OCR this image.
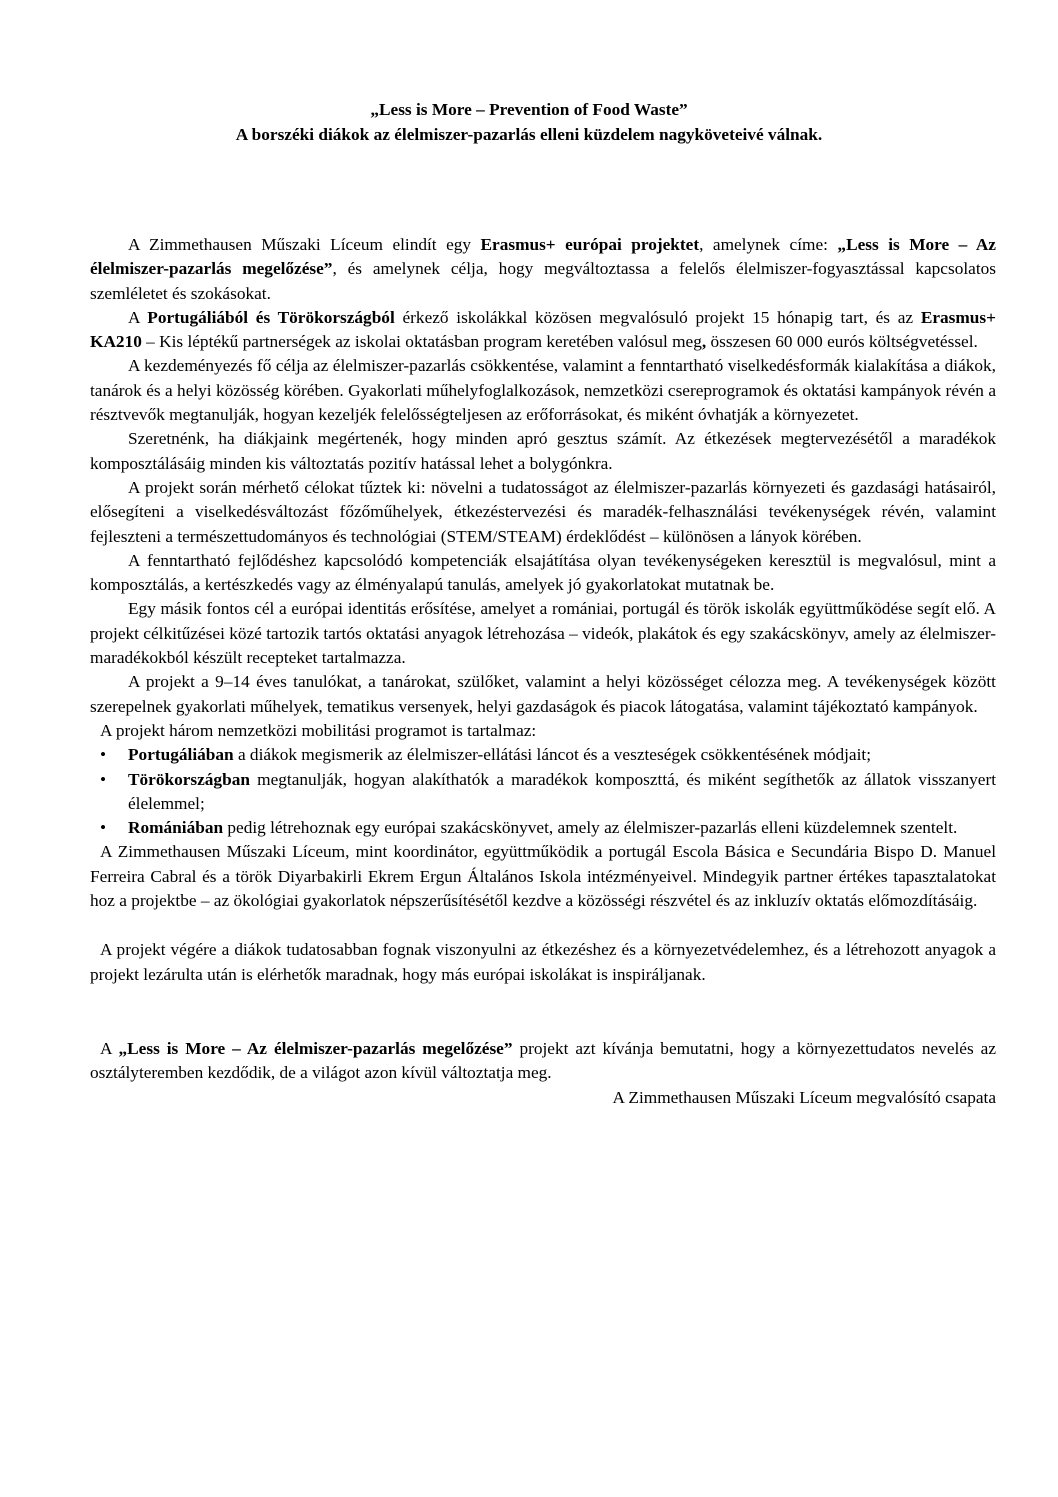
„Less is More – Prevention of Food Waste”
A borszéki diákok az élelmiszer-pazarlás elleni küzdelem nagyköveteivé válnak.

A Zimmethausen Műszaki Líceum elindít egy Erasmus+ európai projektet, amelynek címe: „Less is More – Az élelmiszer-pazarlás megelőzése”, és amelynek célja, hogy megváltoztassa a felelős élelmiszer-fogyasztással kapcsolatos szemléletet és szokásokat.

A Portugáliából és Törökországból érkező iskolákkal közösen megvalósuló projekt 15 hónapig tart, és az Erasmus+ KA210 – Kis léptékű partnerségek az iskolai oktatásban program keretében valósul meg, összesen 60 000 eurós költségvetéssel.

A kezdeményezés fő célja az élelmiszer-pazarlás csökkentése, valamint a fenntartható viselkedésformák kialakítása a diákok, tanárok és a helyi közösség körében. Gyakorlati műhelyfoglalkozások, nemzetközi csereprogramok és oktatási kampányok révén a résztvevők megtanulják, hogyan kezeljék felelősségteljesen az erőforrásokat, és miként óvhatják a környezetet.

Szeretnénk, ha diákjaink megértenék, hogy minden apró gesztus számít. Az étkezések megtervezésétől a maradékok komposztálásáig minden kis változtatás pozitív hatással lehet a bolygónkra.

A projekt során mérhető célokat tűztek ki: növelni a tudatosságot az élelmiszer-pazarlás környezeti és gazdasági hatásairól, elősegíteni a viselkedésváltozást főzőműhelyek, étkezéstervezési és maradék-felhasználási tevékenységek révén, valamint fejleszteni a természettudományos és technológiai (STEM/STEAM) érdeklődést – különösen a lányok körében.

A fenntartható fejlődéshez kapcsolódó kompetenciák elsajátítása olyan tevékenységeken keresztül is megvalósul, mint a komposztálás, a kertészkedés vagy az élményalapú tanulás, amelyek jó gyakorlatokat mutatnak be.

Egy másik fontos cél a európai identitás erősítése, amelyet a romániai, portugál és török iskolák együttműködése segít elő. A projekt célkitűzései közé tartozik tartós oktatási anyagok létrehozása – videók, plakátok és egy szakácskönyv, amely az élelmiszer-maradékokból készült recepteket tartalmazza.

A projekt a 9–14 éves tanulókat, a tanárokat, szülőket, valamint a helyi közösséget célozza meg. A tevékenységek között szerepelnek gyakorlati műhelyek, tematikus versenyek, helyi gazdaságok és piacok látogatása, valamint tájékoztató kampányok.

A projekt három nemzetközi mobilitási programot is tartalmaz:

• Portugáliában a diákok megismerik az élelmiszer-ellátási láncot és a veszteségek csökkentésének módjait;
• Törökországban megtanulják, hogyan alakíthatók a maradékok komposzttá, és miként segíthetők az állatok visszanyert élelemmel;
• Romániában pedig létrehoznak egy európai szakácskönyvet, amely az élelmiszer-pazarlás elleni küzdelemnek szentelt.

A Zimmethausen Műszaki Líceum, mint koordinátor, együttműködik a portugál Escola Básica e Secundária Bispo D. Manuel Ferreira Cabral és a török Diyarbakirli Ekrem Ergun Általános Iskola intézményeivel. Mindegyik partner értékes tapasztalatokat hoz a projektbe – az ökológiai gyakorlatok népszerűsítésétől kezdve a közösségi részvétel és az inkluzív oktatás előmozdításáig.

A projekt végére a diákok tudatosabban fognak viszonyulni az étkezéshez és a környezetvédelemhez, és a létrehozott anyagok a projekt lezárulta után is elérhetők maradnak, hogy más európai iskolákat is inspiráljanak.

A „Less is More – Az élelmiszer-pazarlás megelőzése” projekt azt kívánja bemutatni, hogy a környezettudatos nevelés az osztályteremben kezdődik, de a világot azon kívül változtatja meg.

A Zimmethausen Műszaki Líceum megvalósító csapata
